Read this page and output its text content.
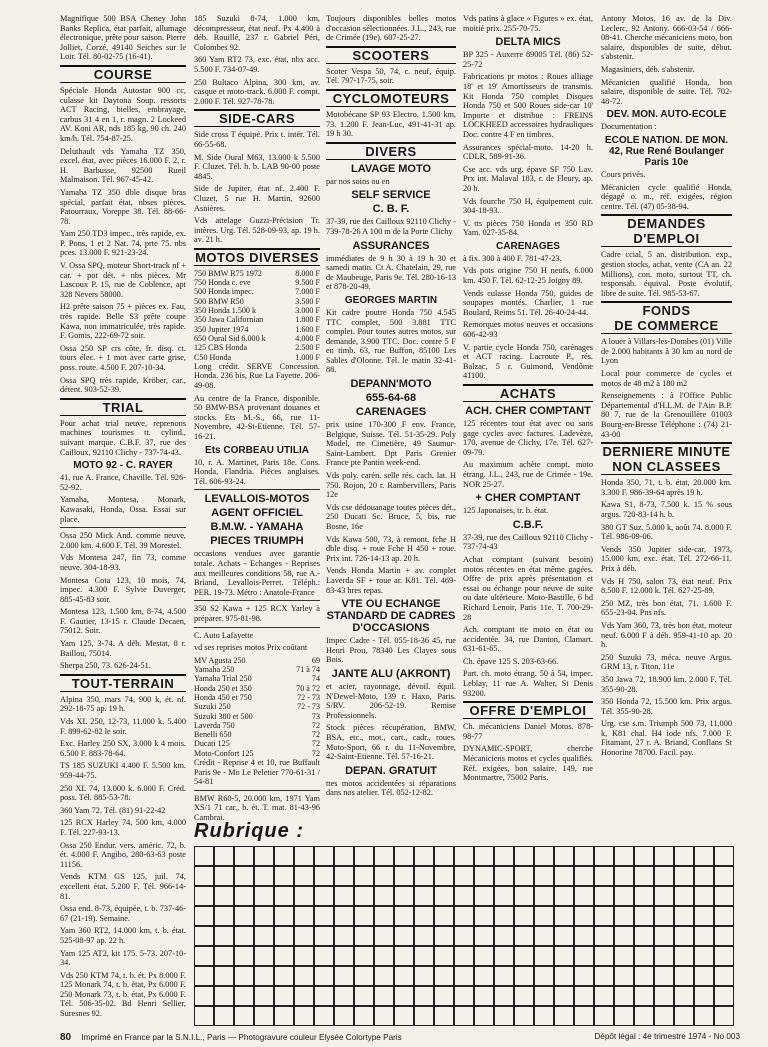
Magnifique 500 BSA Cheney John Banks Replica, état parfait, allumage électronique, prête pour saison. Pierre Jolliet, Corzé, 49140 Seiches sur le Loir. Tél. 80-02-75 (16-41).

COURSE

Spéciale Honda Autostar 900 cc, culasse kit Daytona Soup. ressorts ACT Racing, bielles, embrayage, carbus 31 4 en 1, r. magn. 2 Lockeed AV. Koni AR, nds 185 kg, 90 ch. 240 km/h. Tél. 754-87-25.

Deluthault vds Yamaha TZ 350, excel. état, avec pièces 16.000 F. 2, r. H. Barbusse, 92500 Rueil Malmaison. Tél. 967-45-42.

Yamaha TZ 350 dble disque bras spécial, parfait état, nbses pièces. Patourraux, Voreppe 38. Tél. 88-66-78.

Yam 250 TD3 impec., très rapide, ex. P. Pons, 1 et 2 Nat. 74, prte 75. nbs pces. 13.000 F. 921-23-24.

V. Ossa SPQ, moteur Short-track nf + car. + pot dét. + nbs pièces. Mr Lascoux P. 15, rue de Coblence, apt 328 Nevers 58000.

H2 prête saison 75 + pièces ex. Fau, très rapide. Belle S3 prête coupe Kawa, non immatriculée, très rapide. F. Gomis, 222-69-72 soir.

Ossa 250 SP crs côte, fr. disq. ct. tours élec. + 1 mot avec carte grise, poss. route. 4.500 F. 207-10-34.

Ossa SPQ très rapide, Kröber, car., détent. 903-52-39.

TRIAL

Pour achat trial neuve, reprenons machines tourismes tt. cylind., suivant marque. C.B.F. 37, rue des Cailloux, 92110 Clichy - 737-74-43.

MOTO 92 - C. RAYER

41, rue A. France, Chaville. Tél. 926-52-92.

Yamaha, Montesa, Monark, Kawasaki, Honda, Ossa. Essai sur place.

Ossa 250 Mick And. comme neuve, 2.000 km. 4.600 F. Tél. 39 Morestel.

Vds Montesa 247, fin 73, comme neuve. 304-18-93.

Montesa Cota 123, 10 mois, 74, impec. 4.300 F. Sylvie Duverger, 885-45-83 soir.

Montesa 123, 1.500 km, 8-74, 4.500 F. Gautier, 13-15 r. Claude Decaen, 75012. Soir.

Yam 125, 3-74. A déb. Mestat, 8 r. Baillou, 75014.

Sherpa 250, 73. 626-24-51.

TOUT-TERRAIN

Alpina 350, mars 74, 900 k, ét. nf. 292-18-75 ap. 19 h.

Vds XL 250, 12-73, 11.000 k. 5.400 F. 899-62-82 le soir.

Exc. Harley 250 SX, 3.000 k 4 mois. 6.500 F. 883-78-64.

TS 185 SUZUKI 4.400 F. 5.500 km. 959-44-75.

250 XL 74, 13.000 k. 6.000 F. Créd. poss. Tél. 885-53-78.

360 Yam 72. Tél. (81) 91-22-42

125 RCX Harley 74, 500 km, 4.000 F. Tél. 227-93-13.

Ossa 250 Endur. vers. améric. 72, b. ét. 4.000 F. Angibo, 280-63-63 poste 11156.

Vends KTM GS 125, juil. 74, excellent état. 5.200 F. Tél. 966-14-81.

Ossa end. 8-73, équipée, t. b. 737-46-67 (21-19). Semaine.

Yam 360 RT2, 14.000 km, t. b. état. 525-08-97 ap. 22 h.

Yam 125 AT2, kit 175. 5-73. 207-10-34.

Vds 250 KTM 74, t. b. ét. Px 8.000 F. 125 Monark 74, t. b. état, Px 6.000 F. 250 Monark 73, t. b. état, Px 6.000 F. Tél. 506-35-02. Bd Henri Sellier, Suresnes 92.

185 Suzuki 8-74, 1.000 km, décompresseur, état neuf. Px 4.400 à déb. Rouillé, 237 r. Gabriel Péri, Colombes 92.

360 Yam RT2 73, exc. état, nbx acc. 5.500 F. 734-07-49.

250 Bultaco Alpina, 300 km, av. casque et moto-track. 6.000 F. compt. 2.000 F. Tél. 927-78-78.

SIDE-CARS

Side cross T équipé. Prix t. intér. Tél. 66-55-68.

M. Side Oural M63, 13.000 k 5.500 F. Cluzet. Tél. h. b. LAB 90-00 poste 4845.

Side de Jupiter, état nf. 2.400 F. Cluzet, 5 rue H. Martin, 92600 Asnières.

Vds attelage Guzzi-Précision Tr. intères. Urg. Tél. 528-09-93, ap. 19 h. av. 21 h.

MOTOS DIVERSES
750 BMW R75 1972	8.000 F
750 Honda c. eve	9.500 F
500 Honda impec.	7.000 F
500 BMW R50	3.500 F
350 Honda 1.500 k	3.000 F
350 Jawa Californian	1.800 F
350 Jupiter 1974	1.600 F
650 Oural Sid 6.000 k	4.000 F
125 CBS Honda	2.500 F
C50 Honda	1.000 F

Long crédit. SERVE Concession. Honda. 236 bis, Rue La Fayette. 206-49-08.

Au centre de la France, disponible. 50 BMW-BSA provenant douanes et stocks. Ets M.-S., 66, rue 11-Novembre, 42-St-Etienne. Tél. 57-16-21.

Ets CORBEAU UTILIA

10, r. A. Martinet, Paris 18e. Cons. Honda, Flandria. Pièces anglaises. Tél. 606-93-24.

LEVALLOIS-MOTOS
AGENT OFFICIEL
B.M.W. - YAMAHA
PIECES TRIUMPH

occasions vendues avec garantie totale. Achats - Echanges - Reprises aux meilleures conditions 58, rue A.-Briand, Levallois-Perret. Téléph.: PER. 19-73. Métro : Anatole-France

350 S2 Kawa + 125 RCX Yarley à préparer. 975-81-98.

C. Auto Lafayette

vd ses reprises motos Prix coûtant

MV Agusta 250	69
Yamaha 250	71 à 74
Yamaha Trial 250	74
Honda 250 et 350	70 à 72
Honda 450 et 750	72 - 73
Suzuki 250	72 - 73
Suzuki 380 et 500	73
Laverda 750	72
Benelli 650	72
Ducati 125	72
Moto-Confort 125	72

Crédit - Reprise 4 et 10, rue Buffault Paris 9e - Mo Le Peletier 770-61-31 / 54-81

BMW R60-5, 20.000 km, 1971 Yam XS/1 71 car., b. ét. T. mat. 81-43-96 Cambrai.

Toujours disponibles belles motos d'occasion sélectionnées. J.L., 243, rue de Crimée (19e). 607-25-27.

SCOOTERS

Scoter Vespa 50, 74, c. neuf, équip. Tél. 797-17-75, soir.

CYCLOMOTEURS

Motobécane SP 93 Electro. 1.500 km, 73. 1.200 F. Jean-Luc, 491-41-31 ap. 19 h 30.

DIVERS
LAVAGE MOTO

par nos soins ou en

SELF SERVICE
C. B. F.

37-39, rue des Cailloux 92110 Clichy - 739-78-26 A 100 m de la Porte Clichy

ASSURANCES

immédiates de 9 h 30 à 19 h 30 et samedi matin. Ct A. Chatelain, 29, rue de Maubeuge, Paris 9e. Tél. 280-16-13 et 878-20-49.

GEORGES MARTIN

Kit cadre poutre Honda 750 4.545 TTC complet, 500 3.881 TTC complet. Pour toutes autres motos, sur demande, 3.900 TTC. Doc. contre 5 F en timb. 63, rue Buffon, 85100 Les Sables d'Olonne. Tél. le matin 32-41-88.

DEPANN'MOTO
655-64-68
CARENAGES

prix usine 170-300 F env. France, Belgique, Suisse. Tél. 51-35-29. Poly Model, rte Cimetière, 49 Saumur-Saint-Lambert. Dpt Paris Grenier France pte Pantin week-end.

Vds poly. carén. selle rés. cach. lat. H 750. Rojon, 20 r. Rambervillers, Paris 12e

Vds cse dédouanage toutes pièces dét., 250 Ducati Sc. Bruce, 5, bis, rue Bosne, 16e

Vds Kawa 500, 73, à remont. fche H dble disq. + roue Fche H 450 + roue. Prix int. 726-14-13 ap. 20 h.

Vends Honda Martin + av. complet Laverda SF + roue ar. K81. Tél. 469-83-43 hres repas.

VTE OU ECHANGE STANDARD DE CADRES D'OCCASIONS

Impec Cadre - Tél. 055-18-36 45, rue Henri Prou, 78340 Les Clayes sous Bois.

JANTE ALU (AKRONT)

et acier, rayonnage, dévoil. équil. N'Dewel-Moto, 139 r. Haxo, Paris. S/RV. 206-52-19. Remise Professionnels.

Stock pièces récupération, BMW, BSA, etc., mot., cart., cadr., roues. Moto-Sport, 66 r. du 11-Novembre, 42-Saint-Etienne. Tél. 57-16-21.

DEPAN. GRATUIT

ttes motos accidentées si réparations dans nos atelier. Tél. 052-12-82.

Vds patins à glace « Figures » ex. état, moitié prix. 255-70-75.

DELTA MICS

BP 325 - Auxerre 89005 Tél. (86) 52-25-72

Fabrications pr motos : Roues alliage 18' et 19' Amortisseurs de transmis. Kit Honda 750 complet Disques Honda 750 et 500 Roues side-car 10' Importe et distribue : FREINS LOCKHEED accessoires hydrauliques Doc. contre 4 F en timbres.

Assurances spécial-moto. 14-20 h. CDLR, 589-91-36.

Cse acc. vds urg. épave SF 750 Lav. Prx int. Malaval 183, r. de Fleury, ap. 20 h.

Vds fourche 750 H, équipement cuir. 304-18-93.

V. tts pièces 750 Honda et 350 RD Yam. 027-35-84.

CARENAGES

à fix. 300 à 400 F. 781-47-23.

Vds pots origine 750 H neufs, 6.000 km. 450 F. Tél. 62-12-25 Joigny 89.

Vends culasse Honda 750, guides de soupapes montés. Charlier, 1 rue Boulard, Reims 51. Tél. 26-40-24-44.

Remorques motos neuves et occasions 606-42-93

V. partie cycle Honda 750, carénages et ACT racing. Lacroute P., rés. Balzac, 5 r. Guimond, Vendôme 41100.

ACHATS
ACH. CHER COMPTANT

125 récentes tout état avec ou sans gage cycles avec factures. Ladevèze, 170, avenue de Clichy, 17e. Tél. 627-09-79.

Au maximum achète compt. moto étrang. J.L., 243, rue de Crimée - 19e. NOR 25-27.

+ CHER COMPTANT

125 Japonaises, tr. b. état.

C.B.F.

37-39, rue des Cailloux 92110 Clichy - 737-74-43

Achat comptant (suivant besoin) motos récentes en état même gagées. Offre de prix après présentation et essai ou échange pour neuve de suite ou date ultérieure. Moto-Bastille, 6 bd Richard Lenoir, Paris 11e. T. 700-29-28

Ach. comptant tte moto en état ou accidentée. 34, rue Danton, Clamart. 631-61-65.

Ch. épave 125 S. 203-63-66.

Part. ch. moto étrang. 50 à 54, impec. Leblay, 11 rue A. Walter, St Denis 93200.

OFFRE D'EMPLOI

Ch. mécaniciens Daniel Motos. 878-98-77

DYNAMIC-SPORT, cherche Mécaniciens motos et cycles qualifiés. Réf. exigées, bon salaire. 149, rue Montmartre, 75002 Paris.

Antony Motos, 16 av. de la Div. Leclerc, 92 Antony. 666-03-54 / 666-08-41. Cherche mécaniciens moto, bon salaire, disponibles de suite, début. s'abstenir.

Magasiniers, déb. s'abstenir.

Mécanicien qualifié Honda, bon salaire, disponible de suite. Tél. 702-48-72.

DEV. MON. AUTO-ECOLE

Documentation :

ECOLE NATION. DE MON. 42, Rue René Boulanger Paris 10e

Cours privés.

Mécanicien cycle qualifié Honda, dégagé o. m., réf. exigées, région centre. Tél. (47) 05-38-94.

DEMANDES
D'EMPLOI

Cadre ccial, 5 an. distribution. exp., gestion stocks, achat, vente (CA an. 22 Millions), con. moto, surtout TT, ch. responsab. équival. Poste évolutif, libre de suite. Tél. 985-53-67.

FONDS
DE COMMERCE

A louer à Villars-les-Dombes (01) Ville de 2.000 habitants à 30 km au nord de Lyon

Local pour commerce de cycles et motos de 48 m2 à 180 m2

Renseignements : à l'Office Public Départemental d'H.L.M. de l'Ain B.P. 80 7, rue de la Grenouillère 01003 Bourg-en-Bresse Téléphone : (74) 21-43-00

DERNIERE MINUTE
NON CLASSEES

Honda 350, 71, t. b. état, 20.000 km. 3.300 F. 986-39-64 après 19 h.

Kawa S1, 8-73, 7.500 k. 15 % sous argus. 720-83-14 h. b.

380 GT Suz. 5.000 k, août 74. 8.000 F. Tél. 986-09-06.

Vends 350 Jupiter side-car, 1973, 15.000 km, exc. état. Tél. 272-66-11. Prix à déb.

Vds H 750, salon 73, état neuf. Prix 8.500 F. 12.000 k. Tél. 627-25-89.

250 MZ, très bon état, 71. 1.600 F. 655-23-04. Pns nfs.

Vds Yam 360, 73, très bon état, moteur neuf. 6.000 F à déb. 959-41-10 ap. 20 h.

250 Suzuki 73, méca. neuve Argus. GRM 13, r. Titon, 11e

350 Jawa 72, 18.900 km. 2.000 F. Tél. 355-90-28.

350 Honda 72, 15.500 km. Prix argus. Tél. 355-90-28.

Urg. cse s.m. Triumph 500 73, 11.000 k, K81 chal. H4 iode nfs. 7.000 F. Fitamant, 27 r. A. Briand, Conflans St Honorine 78700. Facil. pay.

Rubrique :
80 Imprimé en France par la S.N.I.L., Paris — Photogravure couleur Elysée Colortype Paris	Dépôt légal : 4e trimestre 1974 - No 003
